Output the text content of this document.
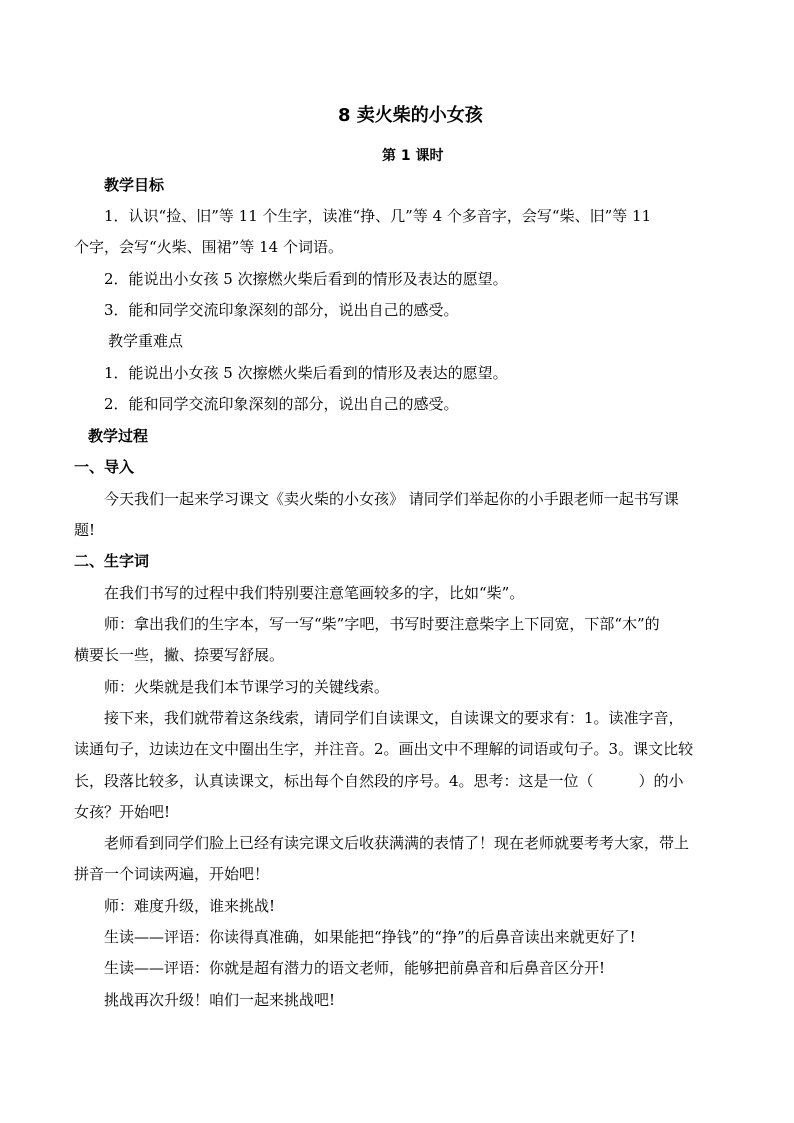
8 卖火柴的小女孩
第 1 课时
教学目标
1．认识“捡、旧”等 11 个生字，读准“挣、几”等 4 个多音字，会写“柴、旧”等 11
个字，会写“火柴、围裙”等 14 个词语。
2．能说出小女孩 5 次擦燃火柴后看到的情形及表达的愿望。
3．能和同学交流印象深刻的部分，说出自己的感受。
教学重难点
1．能说出小女孩 5 次擦燃火柴后看到的情形及表达的愿望。
2．能和同学交流印象深刻的部分，说出自己的感受。
教学过程
一、导入
今天我们一起来学习课文《卖火柴的小女孩》 请同学们举起你的小手跟老师一起书写课
题!
二、生字词
在我们书写的过程中我们特别要注意笔画较多的字，比如“柴”。
师：拿出我们的生字本，写一写“柴”字吧，书写时要注意柴字上下同宽，下部“木”的
横要长一些，撇、捺要写舒展。
师：火柴就是我们本节课学习的关键线索。
接下来，我们就带着这条线索，请同学们自读课文，自读课文的要求有：1。读准字音，
读通句子，边读边在文中圈出生字，并注音。2。画出文中不理解的词语或句子。3。课文比较
长，段落比较多，认真读课文，标出每个自然段的序号。4。思考：这是一位（　　　）的小
女孩？开始吧!
老师看到同学们脸上已经有读完课文后收获满满的表情了！现在老师就要考考大家，带上
拼音一个词读两遍，开始吧！
师：难度升级，谁来挑战!
生读——评语：你读得真准确，如果能把“挣钱”的“挣”的后鼻音读出来就更好了!
生读——评语：你就是超有潜力的语文老师，能够把前鼻音和后鼻音区分开!
挑战再次升级！咱们一起来挑战吧!
